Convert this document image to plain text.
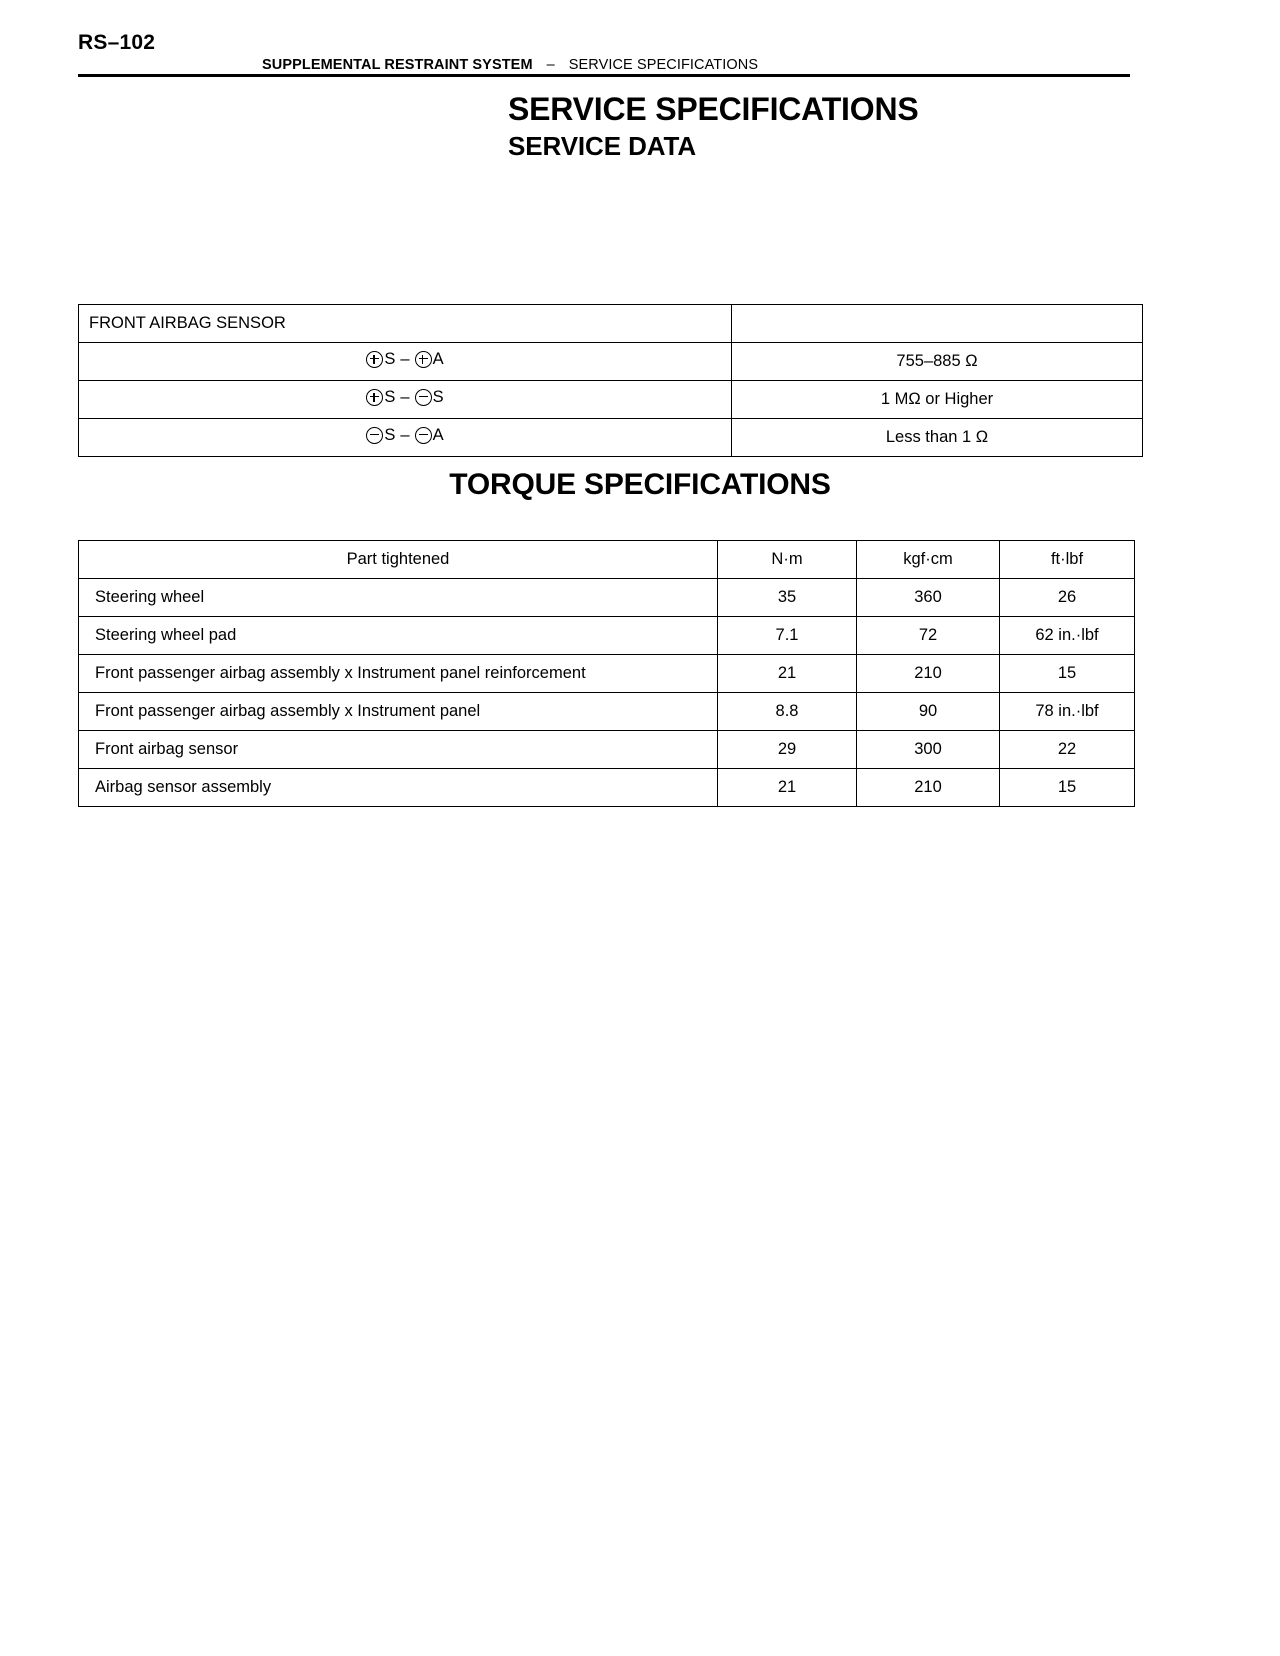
RS–102
SUPPLEMENTAL RESTRAINT SYSTEM – SERVICE SPECIFICATIONS
SERVICE SPECIFICATIONS
SERVICE DATA
FRONT AIRBAG SENSOR	

S – A	755–885 Ω

S – S	1 MΩ or Higher

S – A	Less than 1 Ω
TORQUE SPECIFICATIONS
Part tightened	N·m	kgf·cm	ft·lbf
Steering wheel	35	360	26
Steering wheel pad	7.1	72	62 in.·lbf
Front passenger airbag assembly x Instrument panel reinforcement	21	210	15
Front passenger airbag assembly x Instrument panel	8.8	90	78 in.·lbf
Front airbag sensor	29	300	22
Airbag sensor assembly	21	210	15
